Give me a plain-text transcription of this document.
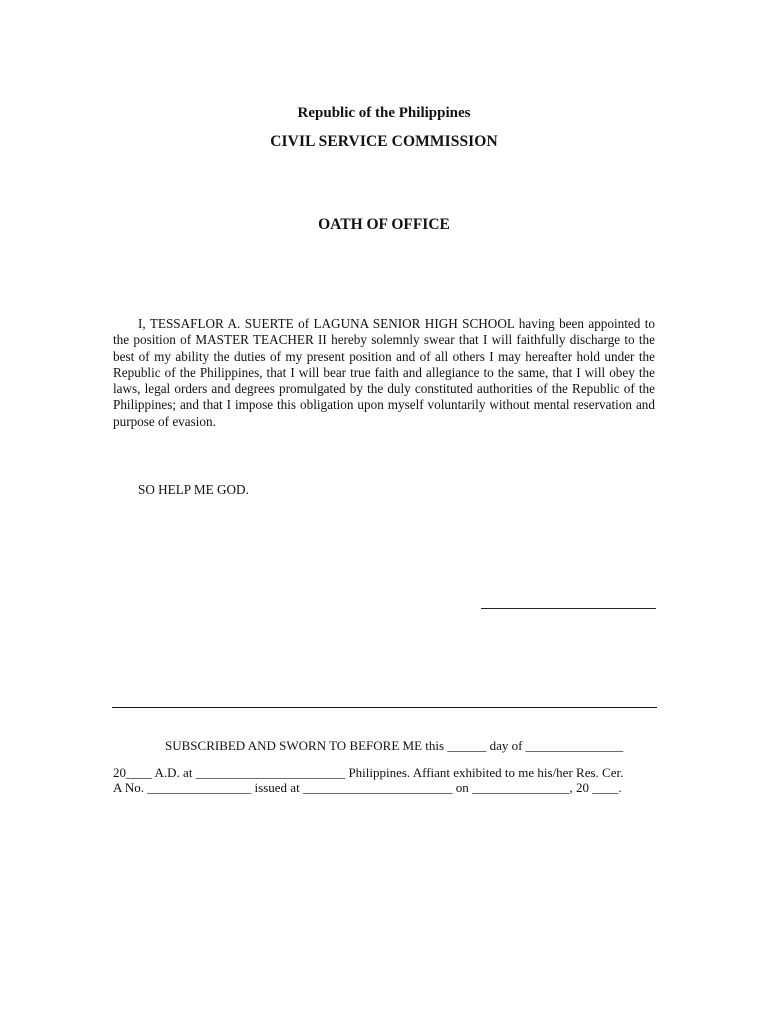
Republic of the Philippines
CIVIL SERVICE COMMISSION
OATH OF OFFICE

I, TESSAFLOR A. SUERTE of LAGUNA SENIOR HIGH SCHOOL having been appointed to the position of MASTER TEACHER II hereby solemnly swear that I will faithfully discharge to the best of my ability the duties of my present position and of all others I may hereafter hold under the Republic of the Philippines, that I will bear true faith and allegiance to the same, that I will obey the laws, legal orders and degrees promulgated by the duly constituted authorities of the Republic of the Philippines; and that I impose this obligation upon myself voluntarily without mental reservation and purpose of evasion.

SO HELP ME GOD.
SUBSCRIBED AND SWORN TO BEFORE ME this ______ day of _______________
20____ A.D. at _______________________ Philippines. Affiant exhibited to me his/her Res. Cer.
A No. ________________ issued at _______________________ on _______________, 20 ____.
